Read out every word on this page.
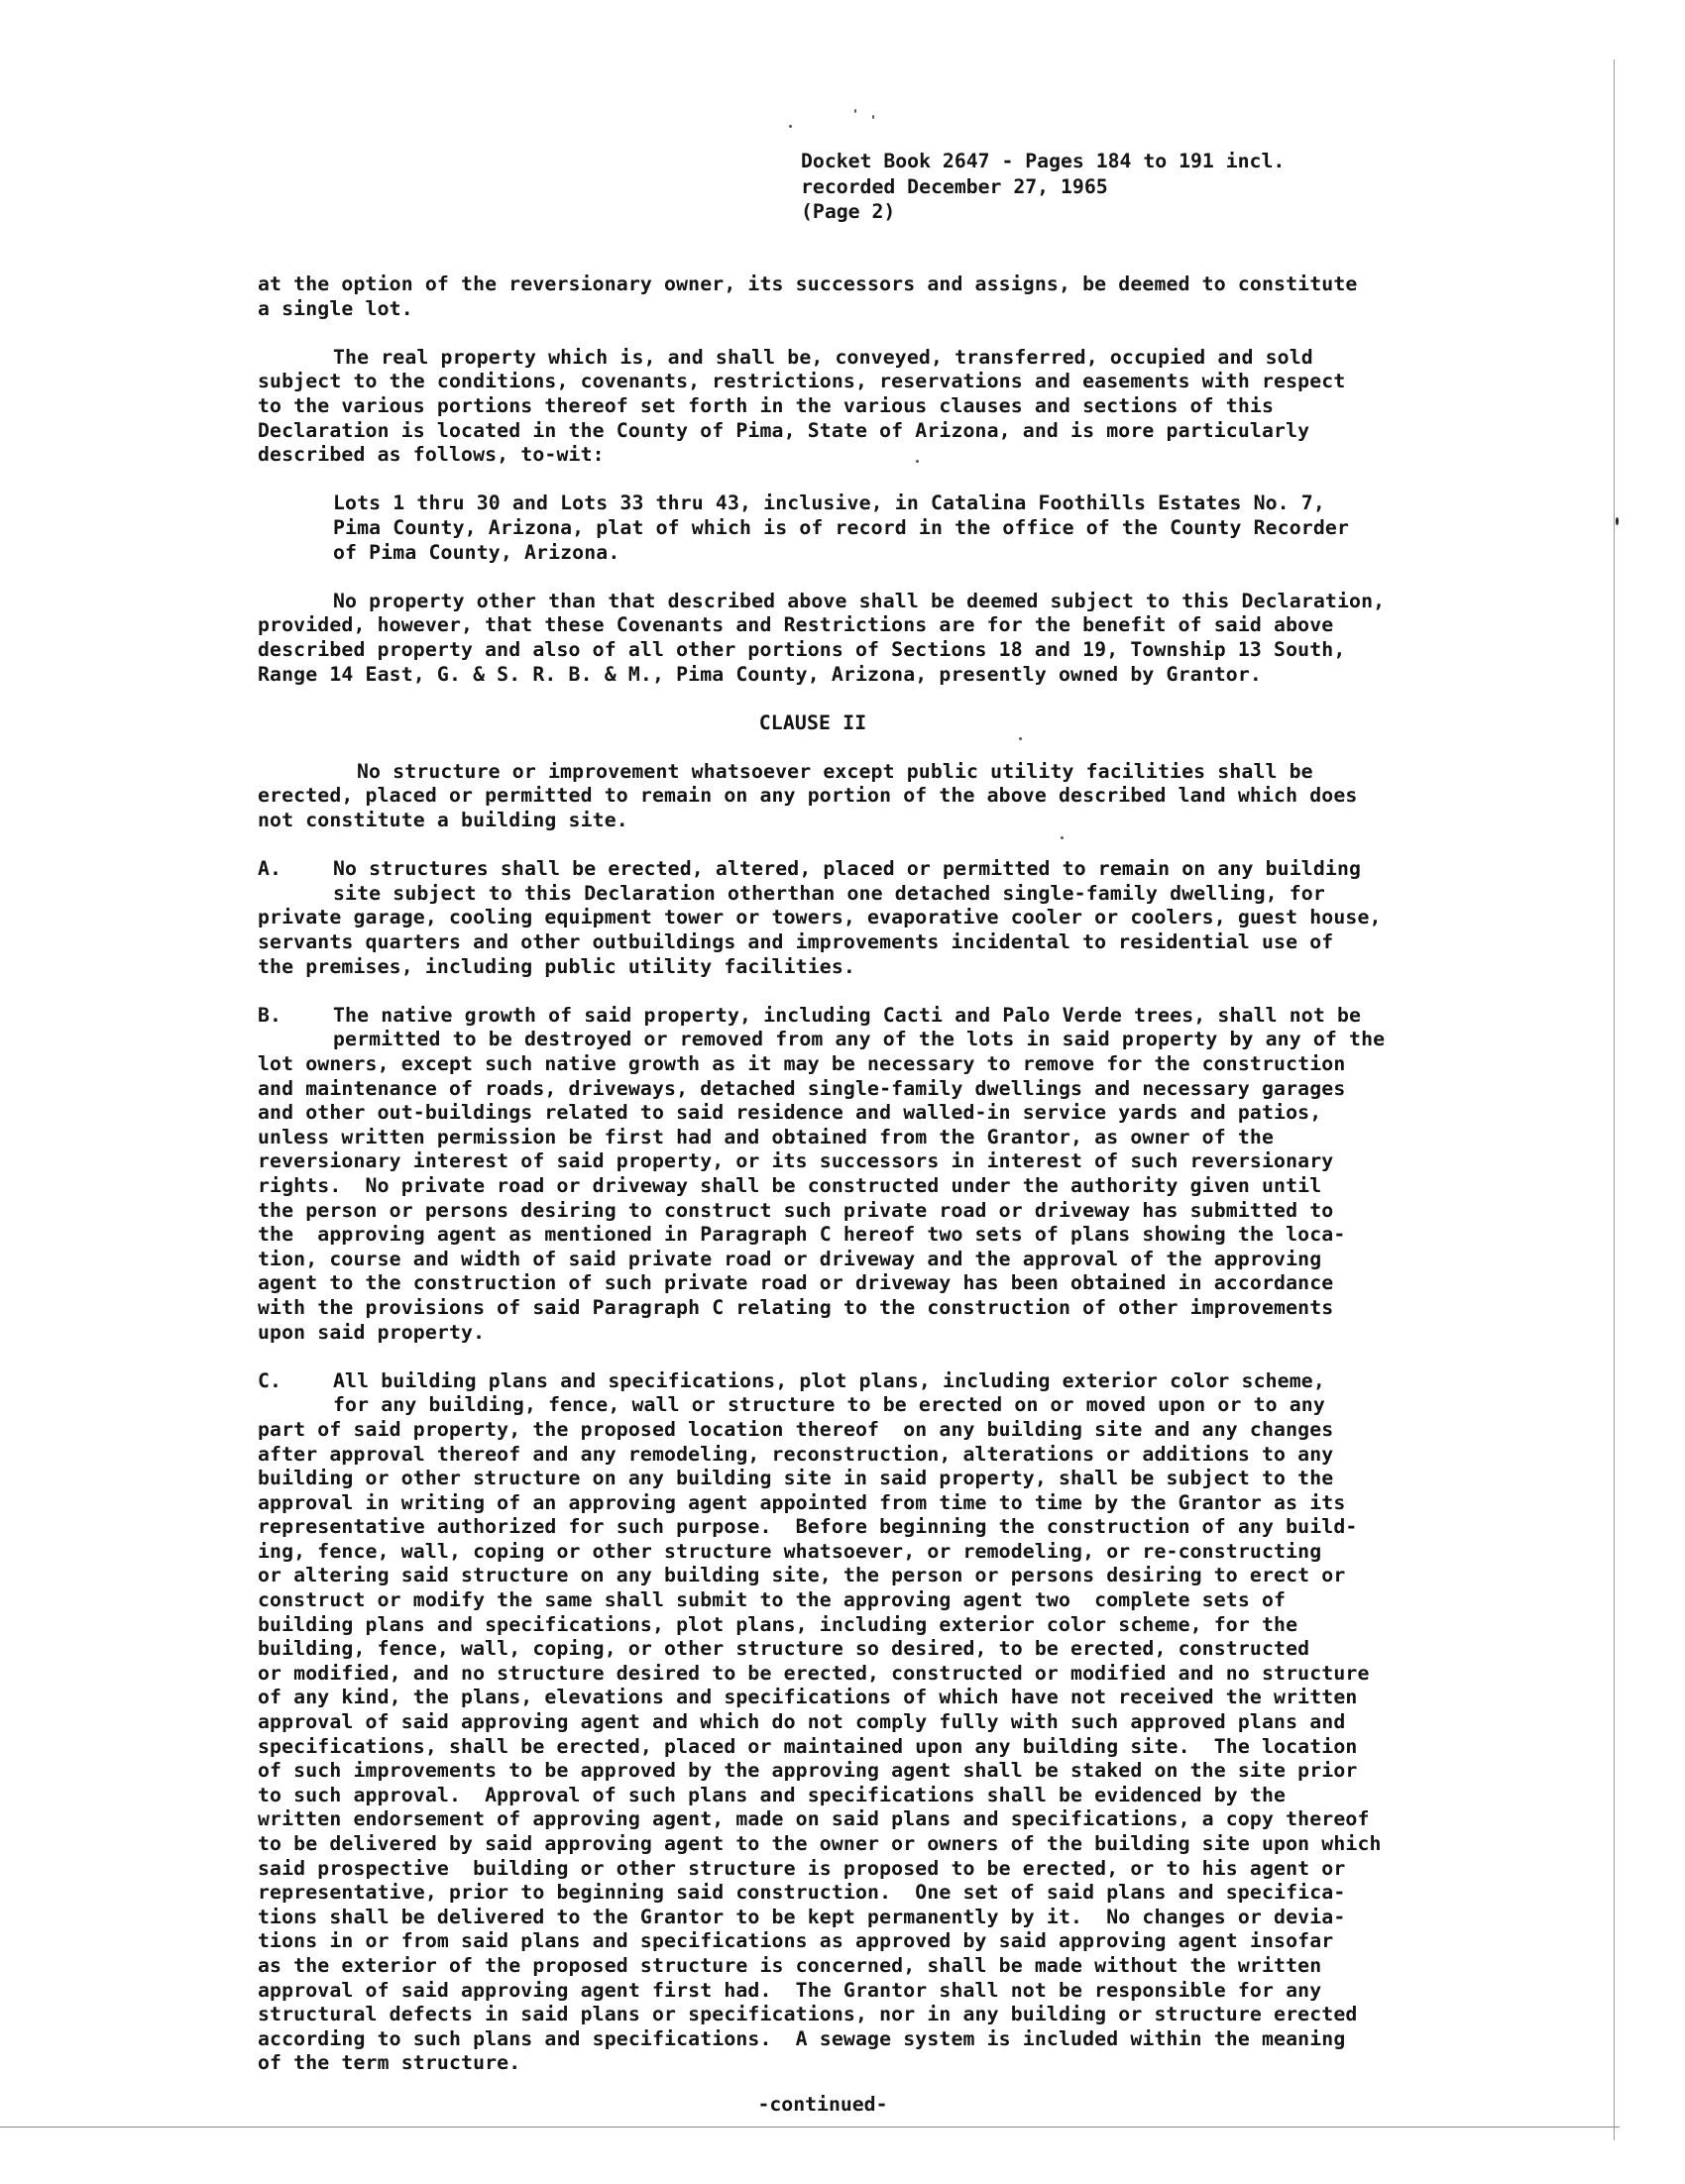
Docket Book 2647 - Pages 184 to 191 incl.
recorded December 27, 1965
(Page 2)
at the option of the reversionary owner, its successors and assigns, be deemed to constitute
a single lot.
The real property which is, and shall be, conveyed, transferred, occupied and sold
subject to the conditions, covenants, restrictions, reservations and easements with respect
to the various portions thereof set forth in the various clauses and sections of this
Declaration is located in the County of Pima, State of Arizona, and is more particularly
described as follows, to-wit:
Lots 1 thru 30 and Lots 33 thru 43, inclusive, in Catalina Foothills Estates No. 7,
Pima County, Arizona, plat of which is of record in the office of the County Recorder
of Pima County, Arizona.
No property other than that described above shall be deemed subject to this Declaration,
provided, however, that these Covenants and Restrictions are for the benefit of said above
described property and also of all other portions of Sections 18 and 19, Township 13 South,
Range 14 East, G. & S. R. B. & M., Pima County, Arizona, presently owned by Grantor.
CLAUSE II
No structure or improvement whatsoever except public utility facilities shall be
erected, placed or permitted to remain on any portion of the above described land which does
not constitute a building site.
A.	No structures shall be erected, altered, placed or permitted to remain on any building
site subject to this Declaration otherthan one detached single-family dwelling, for
private garage, cooling equipment tower or towers, evaporative cooler or coolers, guest house,
servants quarters and other outbuildings and improvements incidental to residential use of
the premises, including public utility facilities.
B.	The native growth of said property, including Cacti and Palo Verde trees, shall not be
permitted to be destroyed or removed from any of the lots in said property by any of the
lot owners, except such native growth as it may be necessary to remove for the construction
and maintenance of roads, driveways, detached single-family dwellings and necessary garages
and other out-buildings related to said residence and walled-in service yards and patios,
unless written permission be first had and obtained from the Grantor, as owner of the
reversionary interest of said property, or its successors in interest of such reversionary
rights.  No private road or driveway shall be constructed under the authority given until
the person or persons desiring to construct such private road or driveway has submitted to
the  approving agent as mentioned in Paragraph C hereof two sets of plans showing the loca-
tion, course and width of said private road or driveway and the approval of the approving
agent to the construction of such private road or driveway has been obtained in accordance
with the provisions of said Paragraph C relating to the construction of other improvements
upon said property.
C.	All building plans and specifications, plot plans, including exterior color scheme,
for any building, fence, wall or structure to be erected on or moved upon or to any
part of said property, the proposed location thereof  on any building site and any changes
after approval thereof and any remodeling, reconstruction, alterations or additions to any
building or other structure on any building site in said property, shall be subject to the
approval in writing of an approving agent appointed from time to time by the Grantor as its
representative authorized for such purpose.  Before beginning the construction of any build-
ing, fence, wall, coping or other structure whatsoever, or remodeling, or re-constructing
or altering said structure on any building site, the person or persons desiring to erect or
construct or modify the same shall submit to the approving agent two  complete sets of
building plans and specifications, plot plans, including exterior color scheme, for the
building, fence, wall, coping, or other structure so desired, to be erected, constructed
or modified, and no structure desired to be erected, constructed or modified and no structure
of any kind, the plans, elevations and specifications of which have not received the written
approval of said approving agent and which do not comply fully with such approved plans and
specifications, shall be erected, placed or maintained upon any building site.  The location
of such improvements to be approved by the approving agent shall be staked on the site prior
to such approval.  Approval of such plans and specifications shall be evidenced by the
written endorsement of approving agent, made on said plans and specifications, a copy thereof
to be delivered by said approving agent to the owner or owners of the building site upon which
said prospective  building or other structure is proposed to be erected, or to his agent or
representative, prior to beginning said construction.  One set of said plans and specifica-
tions shall be delivered to the Grantor to be kept permanently by it.  No changes or devia-
tions in or from said plans and specifications as approved by said approving agent insofar
as the exterior of the proposed structure is concerned, shall be made without the written
approval of said approving agent first had.  The Grantor shall not be responsible for any
structural defects in said plans or specifications, nor in any building or structure erected
according to such plans and specifications.  A sewage system is included within the meaning
of the term structure.
-continued-
